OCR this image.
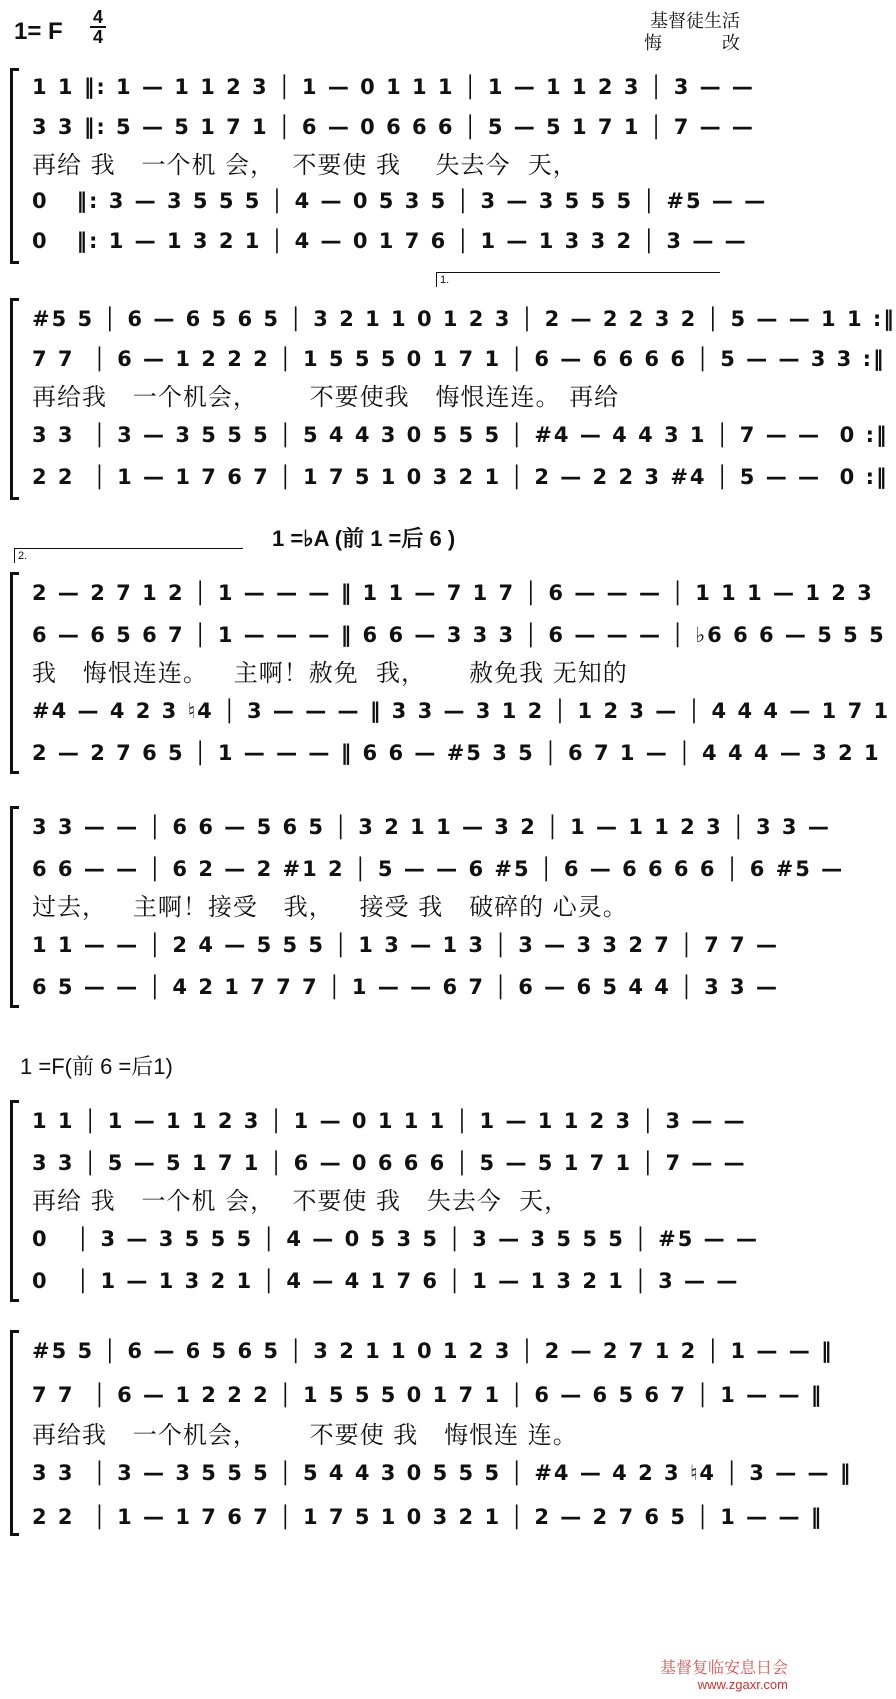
1= F
4
4
基督徒生活
悔	改
1 1 ‖: 1 — 1 1 2 3 │ 1 — 0 1 1 1 │ 1 — 1 1 2 3 │ 3 — —
3 3 ‖: 5 — 5 1 7 1 │ 6 — 0 6 6 6 │ 5 — 5 1 7 1 │ 7 — —
再给 我   一个机 会，  不要使 我    失去今  天，
0   ‖: 3 — 3 5 5 5 │ 4 — 0 5 3 5 │ 3 — 3 5 5 5 │ #5 — —
0   ‖: 1 — 1 3 2 1 │ 4 — 0 1 7 6 │ 1 — 1 3 3 2 │ 3 — —
1.
#5 5 │ 6 — 6 5 6 5 │ 3 2 1 1 0 1 2 3 │ 2 — 2 2 3 2 │ 5 — — 1 1 :‖
7 7  │ 6 — 1 2 2 2 │ 1 5 5 5 0 1 7 1 │ 6 — 6 6 6 6 │ 5 — — 3 3 :‖
再给我   一个机会，      不要使我   悔恨连连。 再给
3 3  │ 3 — 3 5 5 5 │ 5 4 4 3 0 5 5 5 │ #4 — 4 4 3 1 │ 7 — —  0 :‖
2 2  │ 1 — 1 7 6 7 │ 1 7 5 1 0 3 2 1 │ 2 — 2 2 3 #4 │ 5 — —  0 :‖
1 =♭A (前 1 =后 6 )
2.
2 — 2 7 1 2 │ 1 — — — ‖ 1 1 — 7 1 7 │ 6 — — — │ 1 1 1 — 1 2 3
6 — 6 5 6 7 │ 1 — — — ‖ 6 6 — 3 3 3 │ 6 — — — │ ♭6 6 6 — 5 5 5
我   悔恨连连。   主啊！赦免  我，     赦免我 无知的
#4 — 4 2 3 ♮4 │ 3 — — — ‖ 3 3 — 3 1 2 │ 1 2 3 — │ 4 4 4 — 1 7 1
2 — 2 7 6 5 │ 1 — — — ‖ 6 6 — #5 3 5 │ 6 7 1 — │ 4 4 4 — 3 2 1
3 3 — — │ 6 6 — 5 6 5 │ 3 2 1 1 — 3 2 │ 1 — 1 1 2 3 │ 3 3 —
6 6 — — │ 6 2 — 2 #1 2 │ 5 — — 6 #5 │ 6 — 6 6 6 6 │ 6 #5 —
过去，   主啊！接受   我，   接受 我   破碎的 心灵。
1 1 — — │ 2 4 — 5 5 5 │ 1 3 — 1 3 │ 3 — 3 3 2 7 │ 7 7 —
6 5 — — │ 4 2 1 7 7 7 │ 1 — — 6 7 │ 6 — 6 5 4 4 │ 3 3 —
1 =F(前 6 =后1)
1 1 │ 1 — 1 1 2 3 │ 1 — 0 1 1 1 │ 1 — 1 1 2 3 │ 3 — —
3 3 │ 5 — 5 1 7 1 │ 6 — 0 6 6 6 │ 5 — 5 1 7 1 │ 7 — —
再给 我   一个机 会，  不要使 我   失去今  天，
0   │ 3 — 3 5 5 5 │ 4 — 0 5 3 5 │ 3 — 3 5 5 5 │ #5 — —
0   │ 1 — 1 3 2 1 │ 4 — 4 1 7 6 │ 1 — 1 3 2 1 │ 3 — —
#5 5 │ 6 — 6 5 6 5 │ 3 2 1 1 0 1 2 3 │ 2 — 2 7 1 2 │ 1 — — ‖
7 7  │ 6 — 1 2 2 2 │ 1 5 5 5 0 1 7 1 │ 6 — 6 5 6 7 │ 1 — — ‖
再给我   一个机会，      不要使 我   悔恨连 连。
3 3  │ 3 — 3 5 5 5 │ 5 4 4 3 0 5 5 5 │ #4 — 4 2 3 ♮4 │ 3 — — ‖
2 2  │ 1 — 1 7 6 7 │ 1 7 5 1 0 3 2 1 │ 2 — 2 7 6 5 │ 1 — — ‖
基督复临安息日会
www.zgaxr.com
